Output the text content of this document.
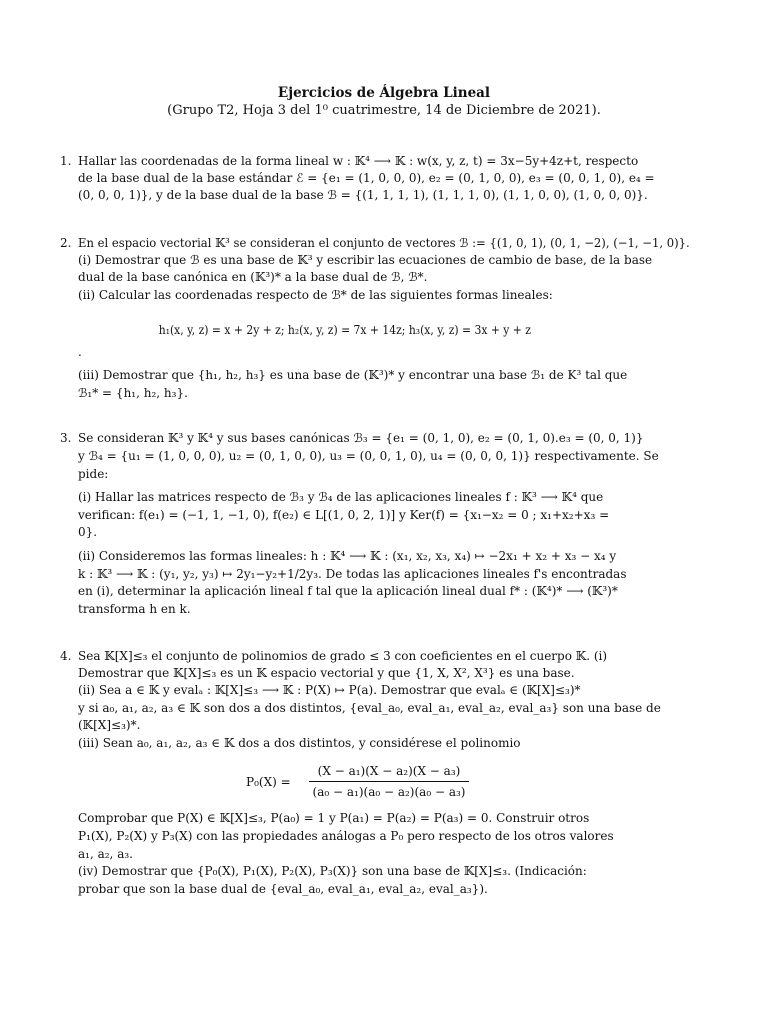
Ejercicios de Álgebra Lineal
(Grupo T2, Hoja 3 del 1⁰ cuatrimestre, 14 de Diciembre de 2021).
1. Hallar las coordenadas de la forma lineal w : 𝕂⁴ ⟶ 𝕂 : w(x, y, z, t) = 3x−5y+4z+t, respecto
de la base dual de la base estándar ℰ = {e₁ = (1, 0, 0, 0), e₂ = (0, 1, 0, 0), e₃ = (0, 0, 1, 0), e₄ =
(0, 0, 0, 1)}, y de la base dual de la base ℬ = {(1, 1, 1, 1), (1, 1, 1, 0), (1, 1, 0, 0), (1, 0, 0, 0)}.
2. En el espacio vectorial 𝕂³ se consideran el conjunto de vectores ℬ := {(1, 0, 1), (0, 1, −2), (−1, −1, 0)}.
(i) Demostrar que ℬ es una base de 𝕂³ y escribir las ecuaciones de cambio de base, de la base
dual de la base canónica en (𝕂³)* a la base dual de ℬ, ℬ*.
(ii) Calcular las coordenadas respecto de ℬ* de las siguientes formas lineales:
h₁(x, y, z) = x + 2y + z; h₂(x, y, z) = 7x + 14z; h₃(x, y, z) = 3x + y + z
.
(iii) Demostrar que {h₁, h₂, h₃} es una base de (𝕂³)* y encontrar una base ℬ₁ de K³ tal que
ℬ₁* = {h₁, h₂, h₃}.
3. Se consideran 𝕂³ y 𝕂⁴ y sus bases canónicas ℬ₃ = {e₁ = (0, 1, 0), e₂ = (0, 1, 0).e₃ = (0, 0, 1)}
y ℬ₄ = {u₁ = (1, 0, 0, 0), u₂ = (0, 1, 0, 0), u₃ = (0, 0, 1, 0), u₄ = (0, 0, 0, 1)} respectivamente. Se
pide:
(i) Hallar las matrices respecto de ℬ₃ y ℬ₄ de las aplicaciones lineales f : 𝕂³ ⟶ 𝕂⁴ que
verifican: f(e₁) = (−1, 1, −1, 0), f(e₂) ∈ L[(1, 0, 2, 1)] y Ker(f) = {x₁−x₂ = 0 ; x₁+x₂+x₃ =
0}.
(ii) Consideremos las formas lineales: h : 𝕂⁴ ⟶ 𝕂 : (x₁, x₂, x₃, x₄) ↦ −2x₁ + x₂ + x₃ − x₄ y
k : 𝕂³ ⟶ 𝕂 : (y₁, y₂, y₃) ↦ 2y₁−y₂+1/2y₃. De todas las aplicaciones lineales f's encontradas
en (i), determinar la aplicación lineal f tal que la aplicación lineal dual f* : (𝕂⁴)* ⟶ (𝕂³)*
transforma h en k.
4. Sea 𝕂[X]≤₃ el conjunto de polinomios de grado ≤ 3 con coeficientes en el cuerpo 𝕂. (i)
Demostrar que 𝕂[X]≤₃ es un 𝕂 espacio vectorial y que {1, X, X², X³} es una base.
(ii) Sea a ∈ 𝕂 y evalₐ : 𝕂[X]≤₃ ⟶ 𝕂 : P(X) ↦ P(a). Demostrar que evalₐ ∈ (𝕂[X]≤₃)*
y si a₀, a₁, a₂, a₃ ∈ 𝕂 son dos a dos distintos, {eval_a₀, eval_a₁, eval_a₂, eval_a₃} son una base de
(𝕂[X]≤₃)*.
(iii) Sean a₀, a₁, a₂, a₃ ∈ 𝕂 dos a dos distintos, y considérese el polinomio
P₀(X) =
(X − a₁)(X − a₂)(X − a₃)
(a₀ − a₁)(a₀ − a₂)(a₀ − a₃)
Comprobar que P(X) ∈ 𝕂[X]≤₃, P(a₀) = 1 y P(a₁) = P(a₂) = P(a₃) = 0. Construir otros
P₁(X), P₂(X) y P₃(X) con las propiedades análogas a P₀ pero respecto de los otros valores
a₁, a₂, a₃.
(iv) Demostrar que {P₀(X), P₁(X), P₂(X), P₃(X)} son una base de 𝕂[X]≤₃. (Indicación:
probar que son la base dual de {eval_a₀, eval_a₁, eval_a₂, eval_a₃}).
